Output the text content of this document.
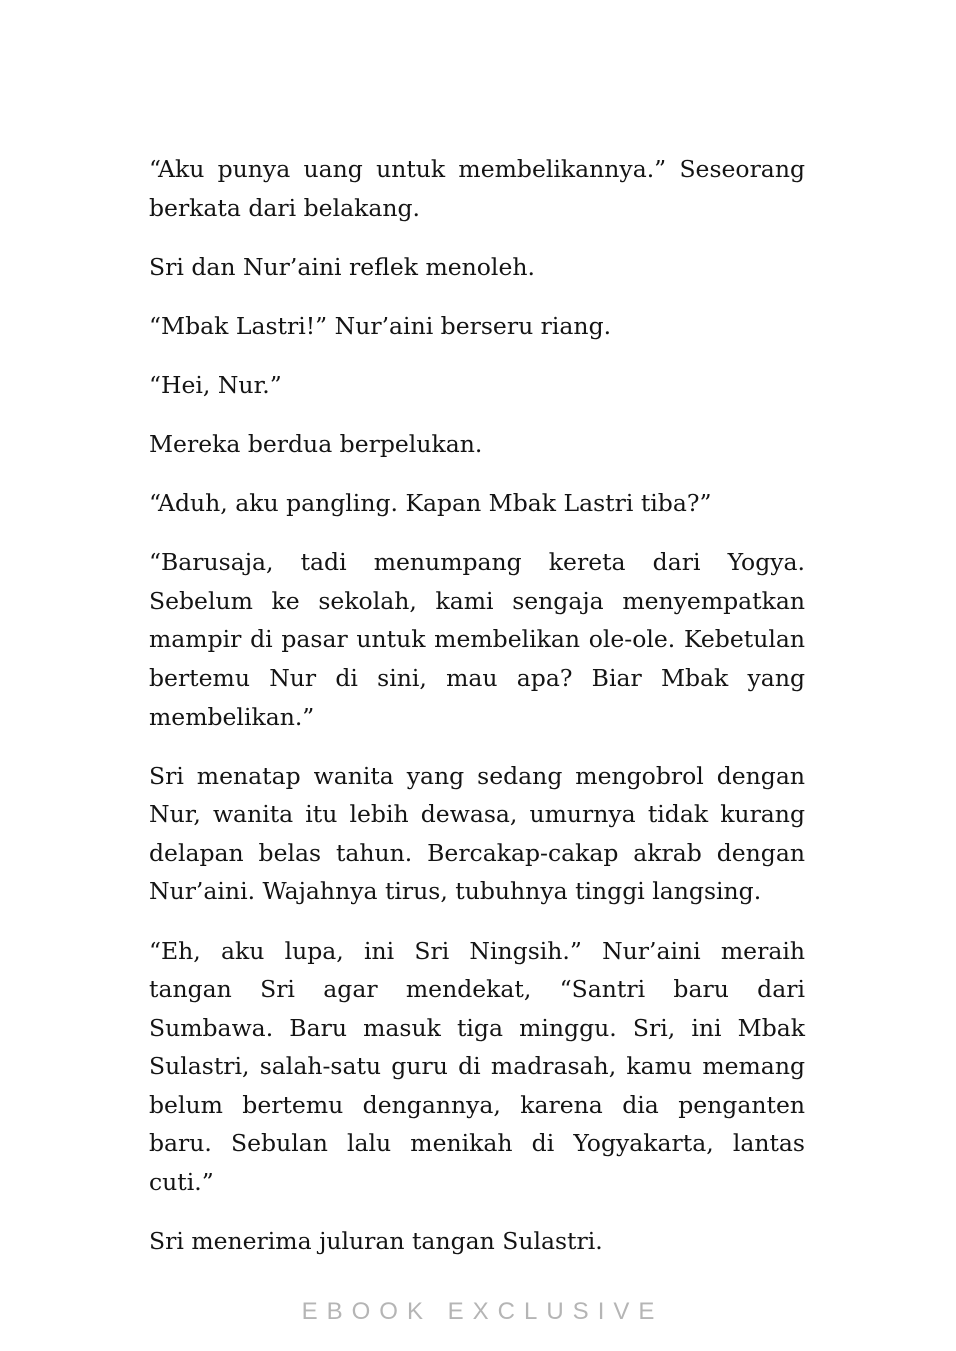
“Aku punya uang untuk membelikannya.” Seseorang berkata dari belakang.

Sri dan Nur’aini reflek menoleh.

“Mbak Lastri!” Nur’aini berseru riang.

“Hei, Nur.”

Mereka berdua berpelukan.

“Aduh, aku pangling. Kapan Mbak Lastri tiba?”

“Barusaja, tadi menumpang kereta dari Yogya. Sebelum ke sekolah, kami sengaja menyempatkan mampir di pasar untuk membelikan ole-ole. Kebetulan bertemu Nur di sini, mau apa? Biar Mbak yang membelikan.”

Sri menatap wanita yang sedang mengobrol dengan Nur, wanita itu lebih dewasa, umurnya tidak kurang delapan belas tahun. Bercakap-cakap akrab dengan Nur’aini. Wajahnya tirus, tubuhnya tinggi langsing.

“Eh, aku lupa, ini Sri Ningsih.” Nur’aini meraih tangan Sri agar mendekat, “Santri baru dari Sumbawa. Baru masuk tiga minggu. Sri, ini Mbak Sulastri, salah-satu guru di madrasah, kamu memang belum bertemu dengannya, karena dia penganten baru. Sebulan lalu menikah di Yogyakarta, lantas cuti.”

Sri menerima juluran tangan Sulastri.

EBOOK EXCLUSIVE
